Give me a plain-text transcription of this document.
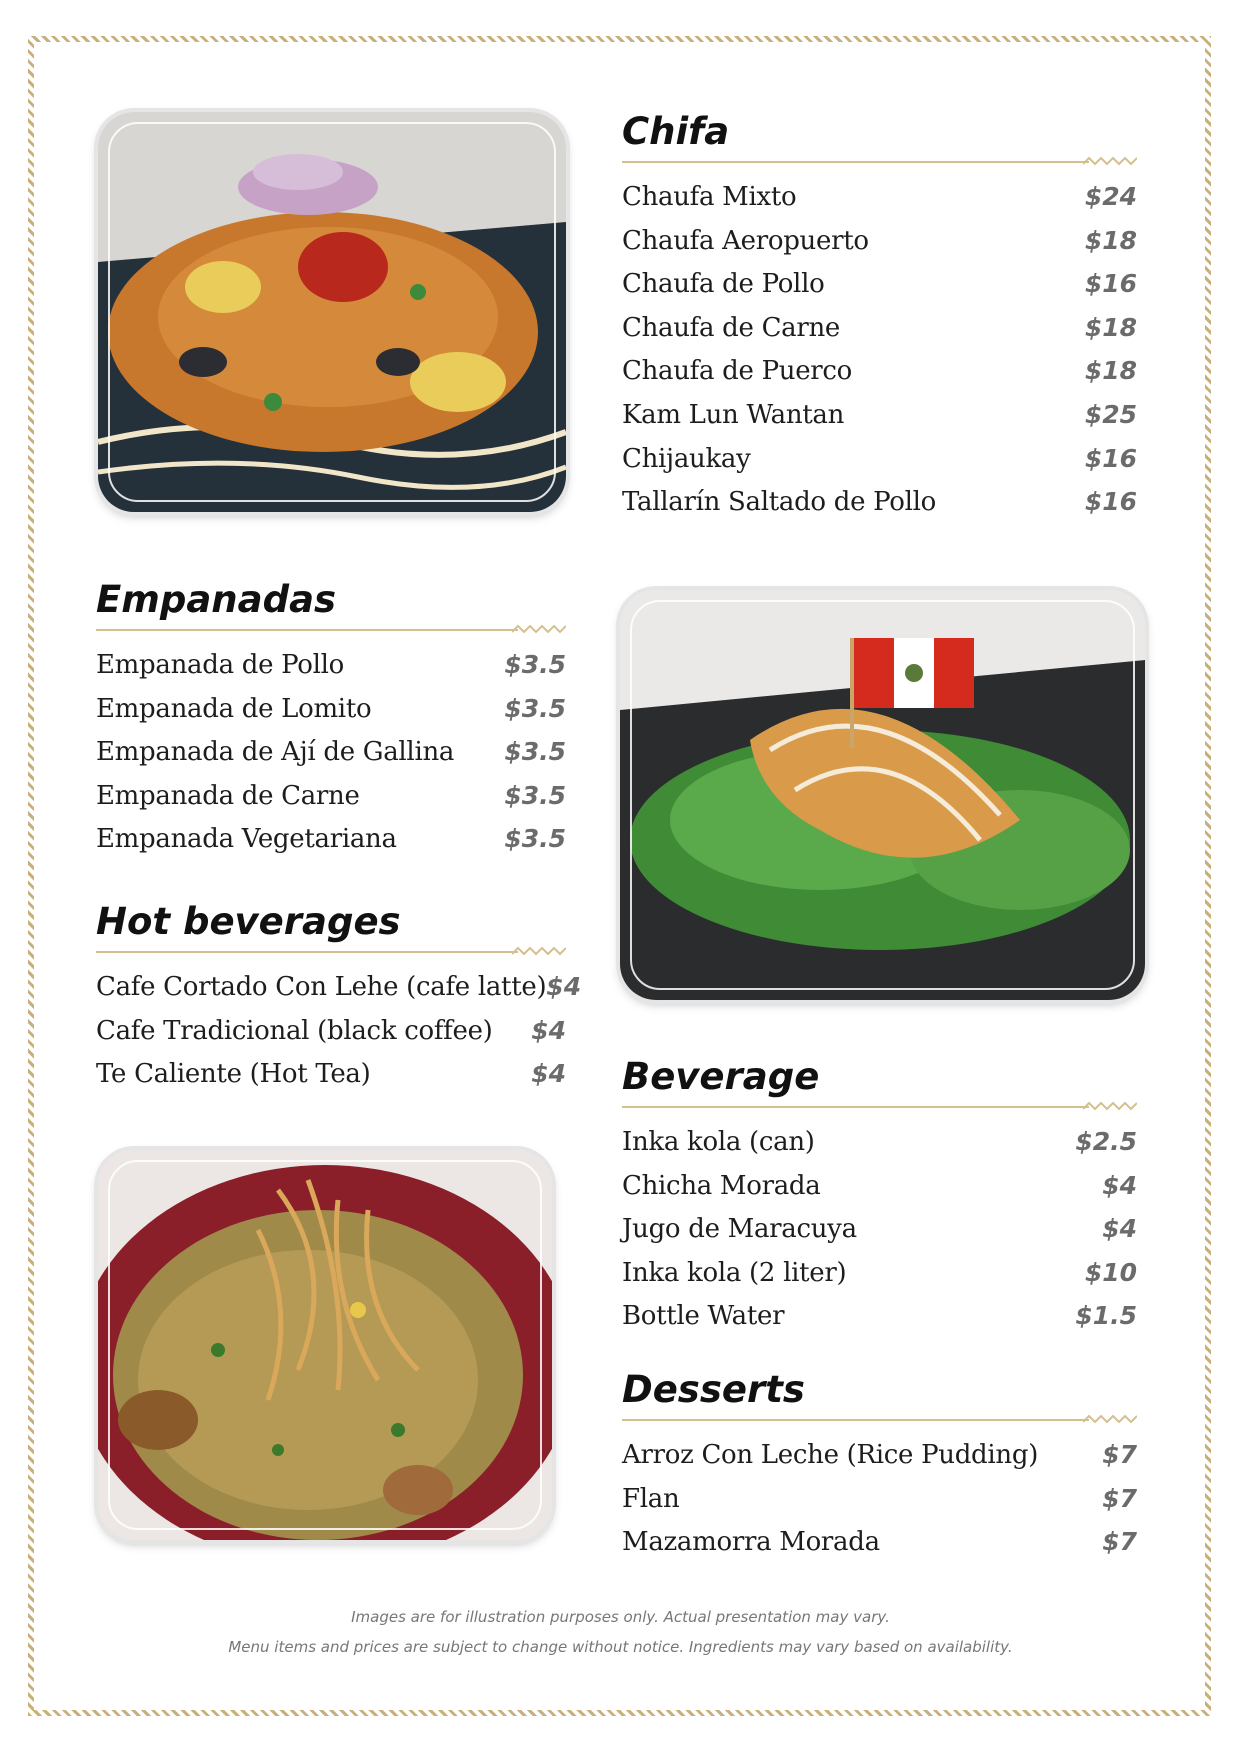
Chifa
Chaufa Mixto	$24
Chaufa Aeropuerto	$18
Chaufa de Pollo	$16
Chaufa de Carne	$18
Chaufa de Puerco	$18
Kam Lun Wantan	$25
Chijaukay	$16
Tallarín Saltado de Pollo	$16
Empanadas
Empanada de Pollo	$3.5
Empanada de Lomito	$3.5
Empanada de Ají de Gallina $3.5
Empanada de Carne	$3.5
Empanada Vegetariana	$3.5
Hot beverages
Cafe Cortado Con Lehe (cafe latte) $4
Cafe Tradicional (black coffee) $4
Te Caliente (Hot Tea)	$4 Beverage
Inka kola (can)	$2.5
Chicha Morada	$4
Jugo de Maracuya	$4
Inka kola (2 liter)	$10
Bottle Water	$1.5
Desserts
Arroz Con Leche (Rice Pudding)	$7
Flan	$7
Mazamorra Morada	$7
Images are for illustration purposes only. Actual presentation may vary.
Menu items and prices are subject to change without notice. Ingredients may vary based on availability.
